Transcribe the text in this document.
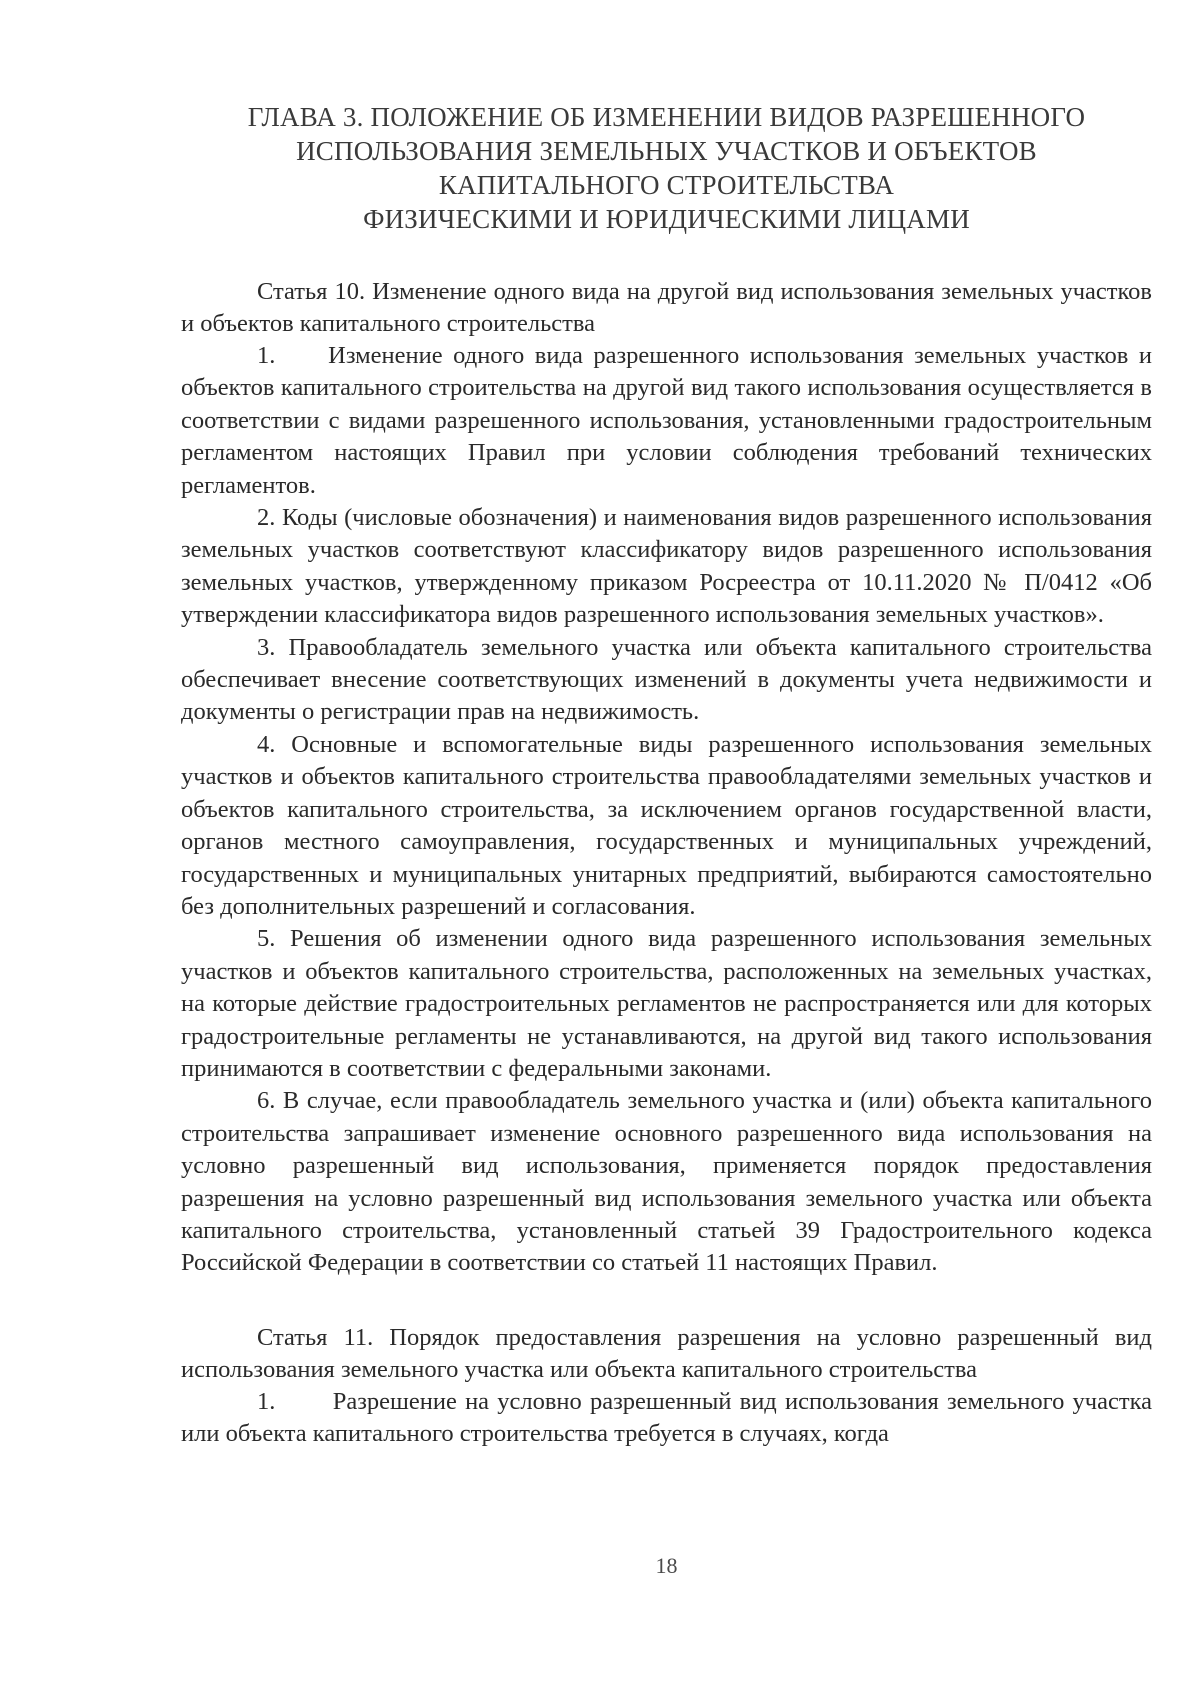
ГЛАВА 3. ПОЛОЖЕНИЕ ОБ ИЗМЕНЕНИИ ВИДОВ РАЗРЕШЕННОГО
ИСПОЛЬЗОВАНИЯ ЗЕМЕЛЬНЫХ УЧАСТКОВ И ОБЪЕКТОВ
КАПИТАЛЬНОГО СТРОИТЕЛЬСТВА
ФИЗИЧЕСКИМИ И ЮРИДИЧЕСКИМИ ЛИЦАМИ
Статья 10. Изменение одного вида на другой вид использования земельных участков и объектов капитального строительства

1.     Изменение одного вида разрешенного использования земельных участков и объектов капитального строительства на другой вид такого использования осуществляется в соответствии с видами разрешенного использования, установленными градостроительным регламентом настоящих Правил при условии соблюдения требований технических регламентов.

2. Коды (числовые обозначения) и наименования видов разрешенного использования земельных участков соответствуют классификатору видов разрешенного использования земельных участков, утвержденному приказом Росреестра от 10.11.2020 № П/0412 «Об утверждении классификатора видов разрешенного использования земельных участков».

3. Правообладатель земельного участка или объекта капитального строительства обеспечивает внесение соответствующих изменений в документы учета недвижимости и документы о регистрации прав на недвижимость.

4. Основные и вспомогательные виды разрешенного использования земельных участков и объектов капитального строительства правообладателями земельных участков и объектов капитального строительства, за исключением органов государственной власти, органов местного самоуправления, государственных и муниципальных учреждений, государственных и муниципальных унитарных предприятий, выбираются самостоятельно без дополнительных разрешений и согласования.

5. Решения об изменении одного вида разрешенного использования земельных участков и объектов капитального строительства, расположенных на земельных участках, на которые действие градостроительных регламентов не распространяется или для которых градостроительные регламенты не устанавливаются, на другой вид такого использования принимаются в соответствии с федеральными законами.

6. В случае, если правообладатель земельного участка и (или) объекта капитального строительства запрашивает изменение основного разрешенного вида использования на условно разрешенный вид использования, применяется порядок предоставления разрешения на условно разрешенный вид использования земельного участка или объекта капитального строительства, установленный статьей 39 Градостроительного кодекса Российской Федерации в соответствии со статьей 11 настоящих Правил.

Статья 11. Порядок предоставления разрешения на условно разрешенный вид использования земельного участка или объекта капитального строительства

1.       Разрешение на условно разрешенный вид использования земельного участка или объекта капитального строительства требуется в случаях, когда

18
